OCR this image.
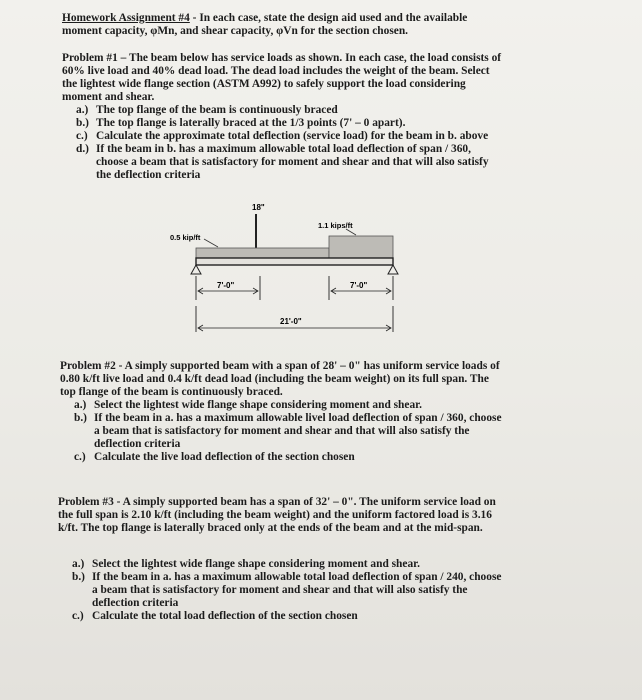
Homework Assignment #4 - In each case, state the design aid used and the available
moment capacity, φMn, and shear capacity, φVn for the section chosen.
Problem #1 – The beam below has service loads as shown. In each case, the load consists of
60% live load and 40% dead load. The dead load includes the weight of the beam. Select
the lightest wide flange section (ASTM A992) to safely support the load considering
moment and shear.
a.) The top flange of the beam is continuously braced
b.) The top flange is laterally braced at the 1/3 points (7' – 0 apart).
c.) Calculate the approximate total deflection (service load) for the beam in b. above
d.) If the beam in b. has a maximum allowable total load deflection of span / 360,
choose a beam that is satisfactory for moment and shear and that will also satisfy
the deflection criteria
18"
0.5 kip/ft
1.1 kips/ft
7'-0"	7'-0"
21'-0"
Problem #2 - A simply supported beam with a span of 28' – 0" has uniform service loads of
0.80 k/ft live load and 0.4 k/ft dead load (including the beam weight) on its full span. The
top flange of the beam is continuously braced.
a.) Select the lightest wide flange shape considering moment and shear.
b.) If the beam in a. has a maximum allowable livel load deflection of span / 360, choose
a beam that is satisfactory for moment and shear and that will also satisfy the
deflection criteria
c.) Calculate the live load deflection of the section chosen
Problem #3 - A simply supported beam has a span of 32' – 0". The uniform service load on
the full span is 2.10 k/ft (including the beam weight) and the uniform factored load is 3.16
k/ft. The top flange is laterally braced only at the ends of the beam and at the mid-span.
a.) Select the lightest wide flange shape considering moment and shear.
b.) If the beam in a. has a maximum allowable total load deflection of span / 240, choose
a beam that is satisfactory for moment and shear and that will also satisfy the
deflection criteria
c.) Calculate the total load deflection of the section chosen
